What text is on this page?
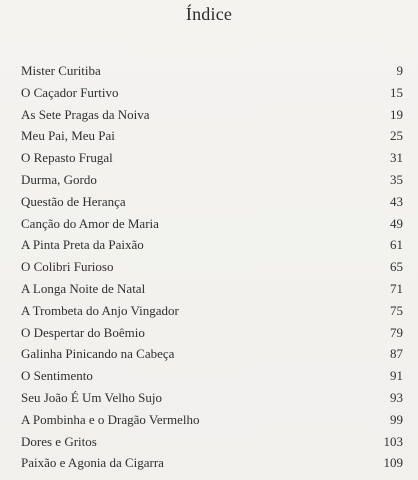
Índice
Mister Curitiba	9
O Caçador Furtivo	15
As Sete Pragas da Noiva	19
Meu Pai, Meu Pai	25
O Repasto Frugal	31
Durma, Gordo	35
Questão de Herança	43
Canção do Amor de Maria	49
A Pinta Preta da Paixão	61
O Colibri Furioso	65
A Longa Noite de Natal	71
A Trombeta do Anjo Vingador	75
O Despertar do Boêmio	79
Galinha Pinicando na Cabeça	87
O Sentimento	91
Seu João É Um Velho Sujo	93
A Pombinha e o Dragão Vermelho	99
Dores e Gritos	103
Paixão e Agonia da Cigarra	109
